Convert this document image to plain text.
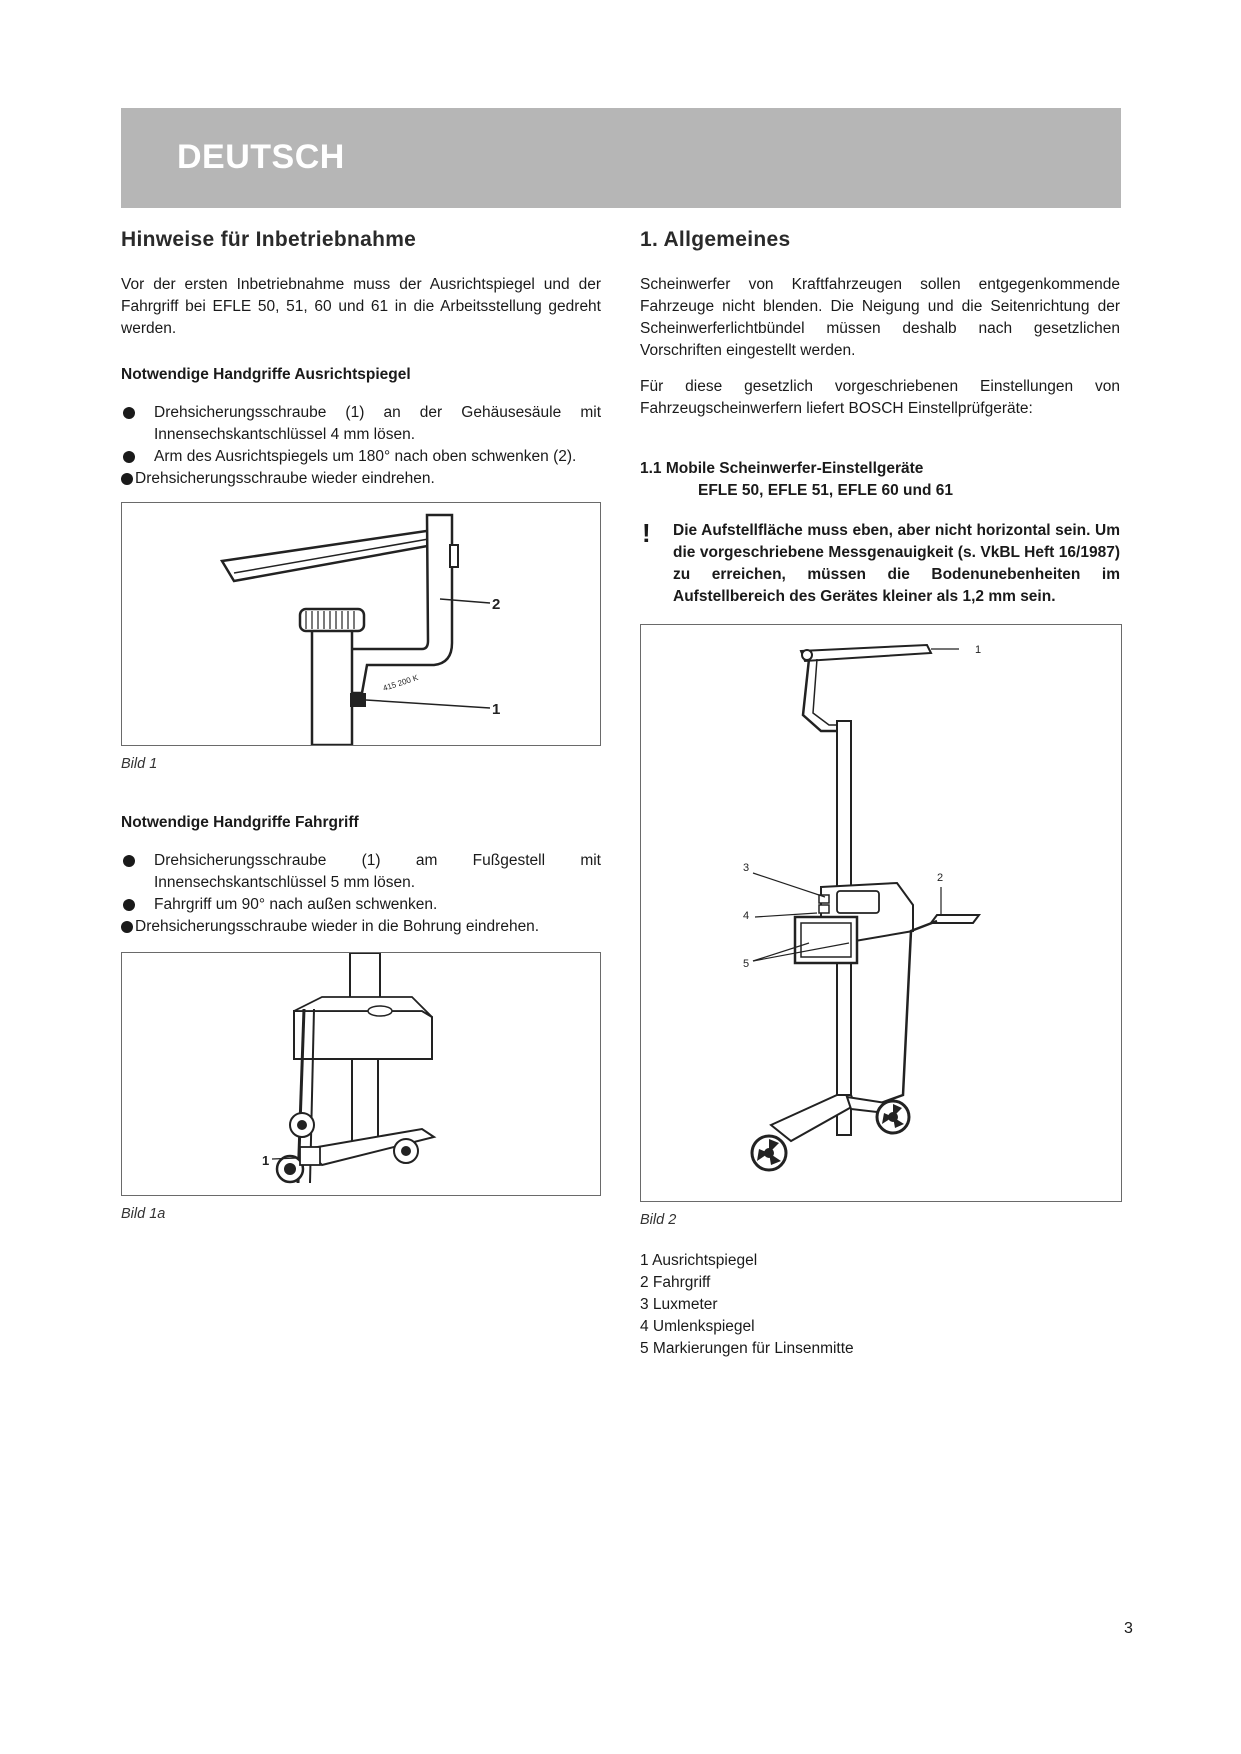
DEUTSCH
Hinweise für Inbetriebnahme

Vor der ersten Inbetriebnahme muss der Ausrichtspiegel und der Fahrgriff bei EFLE 50, 51, 60 und 61 in die Arbeitsstellung gedreht werden.

Notwendige Handgriffe Ausrichtspiegel
Drehsicherungsschraube (1) an der Gehäusesäule mit Innensechskantschlüssel 4 mm lösen.
Arm des Ausrichtspiegels um 180° nach oben schwenken (2).
Drehsicherungsschraube wieder eindrehen.
2
1
415 200 K
Bild 1
Notwendige Handgriffe Fahrgriff
Drehsicherungsschraube (1) am Fußgestell mit Innensechskantschlüssel 5 mm lösen.
Fahrgriff um 90° nach außen schwenken.
Drehsicherungsschraube wieder in die Bohrung eindrehen.
1
Bild 1a
1. Allgemeines

Scheinwerfer von Kraftfahrzeugen sollen entgegenkommende Fahrzeuge nicht blenden. Die Neigung und die Seitenrichtung der Scheinwerferlichtbündel müssen deshalb nach gesetzlichen Vorschriften eingestellt werden.

Für diese gesetzlich vorgeschriebenen Einstellungen von Fahrzeugscheinwerfern liefert BOSCH Einstellprüfgeräte:

1.1 Mobile Scheinwerfer-Einstellgeräte
EFLE 50, EFLE 51, EFLE 60 und 61
! Die Aufstellfläche muss eben, aber nicht horizontal sein. Um die vorgeschriebene Messgenauigkeit (s. VkBL Heft 16/1987) zu erreichen, müssen die Bodenunebenheiten im Aufstellbereich des Gerätes kleiner als 1,2 mm sein.
1
2
3
4
5
Bild 2
1 Ausrichtspiegel
2 Fahrgriff
3 Luxmeter
4 Umlenkspiegel
5 Markierungen für Linsenmitte
3
